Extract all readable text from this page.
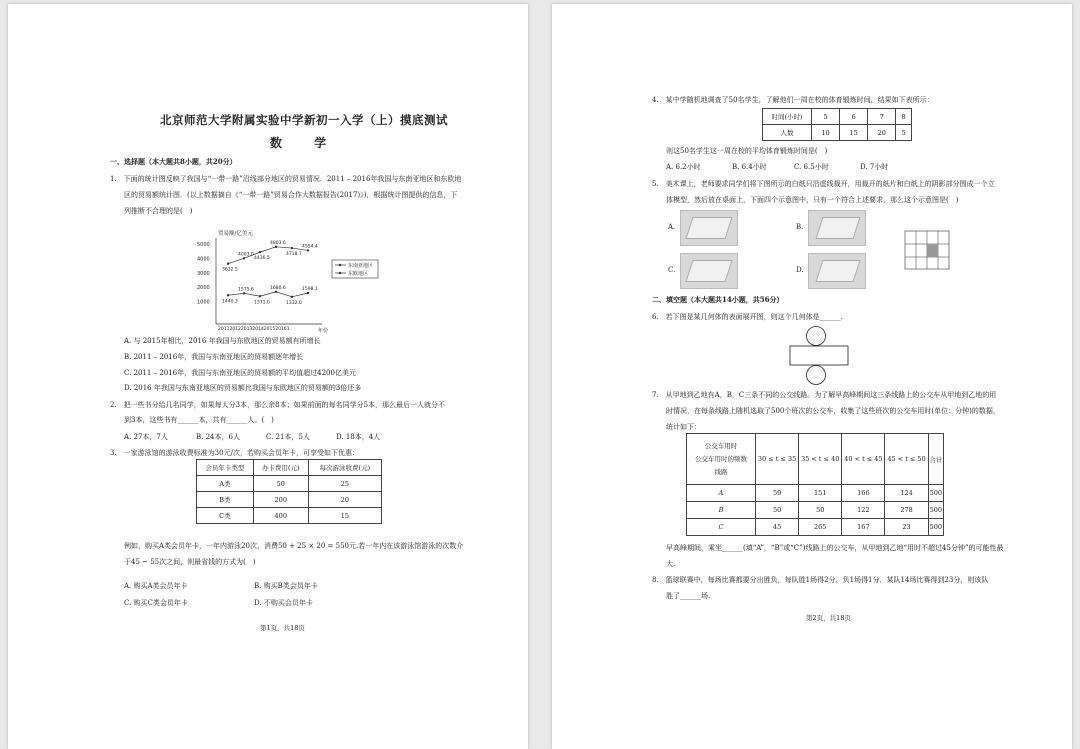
北京师范大学附属实验中学新初一入学（上）摸底测试
数 学
一、选择题（本大题共8小题，共20分）
1.　下面的统计图反映了我国与“一带一路”沿线部分地区的贸易情况．2011 – 2016年我国与东南亚地区和东欧地
区的贸易额统计图．(以上数据摘自《“一带一路”贸易合作大数据报告(2017)》)，根据统计图提供的信息，下
列推断不合理的是(　)
贸易额/亿美元
5000
4000
3000
2000
1000
3632.5
4003.0
4436.5
4803.6
4718.7
4554.4
1440.3
1575.6
1371.0
1680.6
1332.0
1598.1
2011201220132014201520161	年份
东南亚地区
东欧地区
A. 与 2015年相比，2016 年我国与东欧地区的贸易额有所增长
B. 2011 – 2016年，我国与东南亚地区的贸易额逐年增长
C. 2011 – 2016年，我国与东南亚地区的贸易额的平均值超过4200亿美元
D. 2016 年我国与东南亚地区的贸易额比我国与东欧地区的贸易额的3倍还多
2.　把一些书分给几名同学，如果每人分3本，那么余8本；如果前面的每名同学分5本，那么最后一人就分不
到3本，这些书有______本，共有______人。(　)
A. 27本，7人	B. 24本，6人	C. 21本，5人	D. 18本，4人
3.　一家游泳馆的游泳收费标准为30元/次，若购买会员年卡，可享受如下优惠：
会员年卡类型	办卡费用(元)	每次游泳收费(元)
A类	50	25
B类	200	20
C类	400	15
例如，购买A类会员年卡，一年内游泳20次，消费50 + 25 × 20 = 550元.若一年内在该游泳馆游泳的次数介
于45 ~ 55次之间，则最省钱的方式为(　)
A. 购买A类会员年卡	B. 购买B类会员年卡
C. 购买C类会员年卡	D. 不购买会员年卡
第1页，共18页
4.　某中学随机地调查了50名学生，了解他们一周在校的体育锻炼时间，结果如下表所示：
时间(小时)	5	6	7	8
人数	10	15	20	5
则这50名学生这一周在校的平均体育锻炼时间是(　)
A. 6.2小时	B. 6.4小时	C. 6.5小时	D. 7小时
5.　美术课上，老师要求同学们将下图所示的白纸只沿虚线裁开，用裁开的纸片和白纸上的阴影部分围成一个立
体模型，然后放在桌面上，下面四个示意图中，只有一个符合上述要求，那么这个示意图是(　)
A.	B.
C.	D.
二、填空题（本大题共14小题，共56分）
6.　若下图是某几何体的表面展开图，则这个几何体是______.
7.　从甲地到乙地有A，B，C三条不同的公交线路。为了解早高峰期间这三条线路上的公交车从甲地到乙地的用
时情况，在每条线路上随机选取了500个班次的公交车，收集了这些班次的公交车用时(单位：分钟)的数据，
统计如下：
公交车用时
公交车用时的频数
线路	30 ≤ t ≤ 35	35 < t ≤ 40	40 < t ≤ 45	45 < t ≤ 50	合计
A	59	151	166	124	500
B	50	50	122	278	500
C	45	265	167	23	500
早高峰期间，乘坐______(填“A”，“B”或“C”)线路上的公交车，从甲地到乙地“用时不超过45分钟”的可能性最
大.
8.　篮球联赛中，每场比赛都要分出胜负，每队胜1场得2分，负1场得1分．某队14场比赛得到23分，则该队
胜了______场.
第2页，共18页
